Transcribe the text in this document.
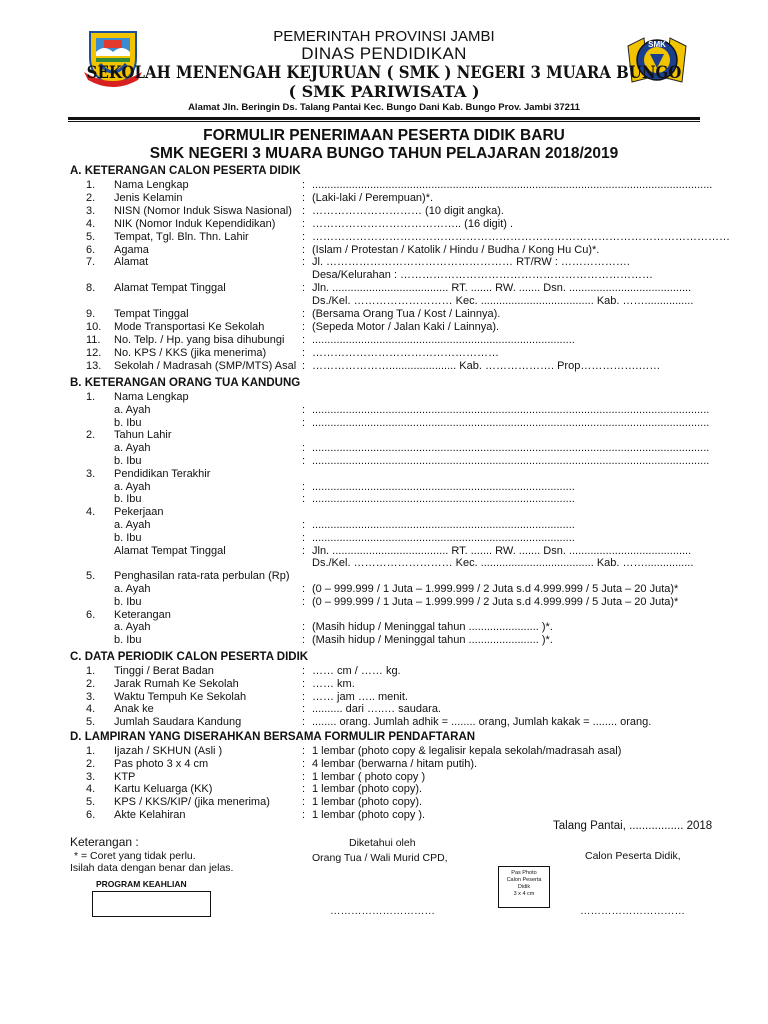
SMK
PEMERINTAH PROVINSI JAMBI
DINAS PENDIDIKAN
SEKOLAH MENENGAH KEJURUAN ( SMK ) NEGERI 3 MUARA BUNGO
( SMK PARIWISATA )
Alamat Jln. Beringin Ds. Talang Pantai Kec. Bungo Dani Kab. Bungo Prov. Jambi 37211
FORMULIR PENERIMAAN PESERTA DIDIK BARU
SMK NEGERI 3 MUARA BUNGO TAHUN PELAJARAN 2018/2019
A. KETERANGAN CALON PESERTA DIDIK
B. KETERANGAN ORANG TUA KANDUNG
C. DATA PERIODIK CALON PESERTA DIDIK
D. LAMPIRAN YANG DISERAHKAN BERSAMA FORMULIR PENDAFTARAN
1.	Nama Lengkap	: ...................................................................................................................................
2.	Jenis Kelamin	: (Laki-laki / Perempuan)*.
3.	NISN (Nomor Induk Siswa Nasional) : ………………………… (10 digit angka).
4.	NIK (Nomor Induk Kependidikan) : ………………………………….. (16 digit) .
5.	Tempat, Tgl. Bln. Thn. Lahir	: ……………………………………………………………………………………………………
6.	Agama	: (Islam / Protestan / Katolik / Hindu / Budha / Kong Hu Cu)*.
7.	Alamat	: Jl. …………………………………………… RT/RW : ……………….
Desa/Kelurahan : ……………………………………………………………
8.	Alamat Tempat Tinggal	: Jln. ...................................... RT. ....... RW. ....... Dsn. ........................................
Ds./Kel. ……………………… Kec. ..................................... Kab. ……................
9.	Tempat Tinggal	: (Bersama Orang Tua / Kost / Lainnya).
10.	Mode Transportasi Ke Sekolah	: (Sepeda Motor / Jalan Kaki / Lainnya).
11.	No. Telp. / Hp. yang bisa dihubungi : ......................................................................................
12.	No. KPS / KKS (jika menerima)	: ……………………………………………
13.	Sekolah / Madrasah (SMP/MTS) Asal : …………………...................... Kab. ………………. Prop…………….……
1.	Nama Lengkap
a. Ayah	: ..................................................................................................................................
b. Ibu	: ..................................................................................................................................
2.	Tahun Lahir
a. Ayah	: ..................................................................................................................................
b. Ibu	: ..................................................................................................................................
3.	Pendidikan Terakhir
a. Ayah	: ......................................................................................
b. Ibu	: ......................................................................................
4.	Pekerjaan
a. Ayah	: ......................................................................................
b. Ibu	: ......................................................................................
Alamat Tempat Tinggal	: Jln. ...................................... RT. ....... RW. ....... Dsn. ........................................
Ds./Kel. ……………………… Kec. ..................................... Kab. ……................
5.	Penghasilan rata-rata perbulan (Rp)
a. Ayah	: (0 – 999.999 / 1 Juta – 1.999.999 / 2 Juta s.d 4.999.999 / 5 Juta – 20 Juta)*
b. Ibu	: (0 – 999.999 / 1 Juta – 1.999.999 / 2 Juta s.d 4.999.999 / 5 Juta – 20 Juta)*
6.	Keterangan
a. Ayah	: (Masih hidup / Meninggal tahun ....................... )*.
b. Ibu	: (Masih hidup / Meninggal tahun ....................... )*.
1.	Tinggi / Berat Badan	: …… cm / …… kg.
2.	Jarak Rumah Ke Sekolah	: …… km.
3.	Waktu Tempuh Ke Sekolah	: …… jam ….. menit.
4.	Anak ke	: .......... dari …..… saudara.
5.	Jumlah Saudara Kandung	: ........ orang. Jumlah adhik = ........ orang, Jumlah kakak = ........ orang.
1.	Ijazah / SKHUN (Asli )	: 1 lembar (photo copy & legalisir kepala sekolah/madrasah asal)
2.	Pas photo 3 x 4 cm	: 4 lembar (berwarna / hitam putih).
3.	KTP	: 1 lembar ( photo copy )
4.	Kartu Keluarga (KK)	: 1 lembar (photo copy).
5.	KPS / KKS/KIP/ (jika menerima)	: 1 lembar (photo copy).
6.	Akte Kelahiran	: 1 lembar (photo copy ).
Talang Pantai, ................. 2018
Keterangan :
* = Coret yang tidak perlu.
Isilah data dengan benar dan jelas.
PROGRAM KEAHLIAN
Diketahui oleh
Orang Tua / Wali Murid CPD,	Calon Peserta Didik,
Pas Photo
Calon Peserta
Didik
3 x 4 cm
…………………………	…………………………
